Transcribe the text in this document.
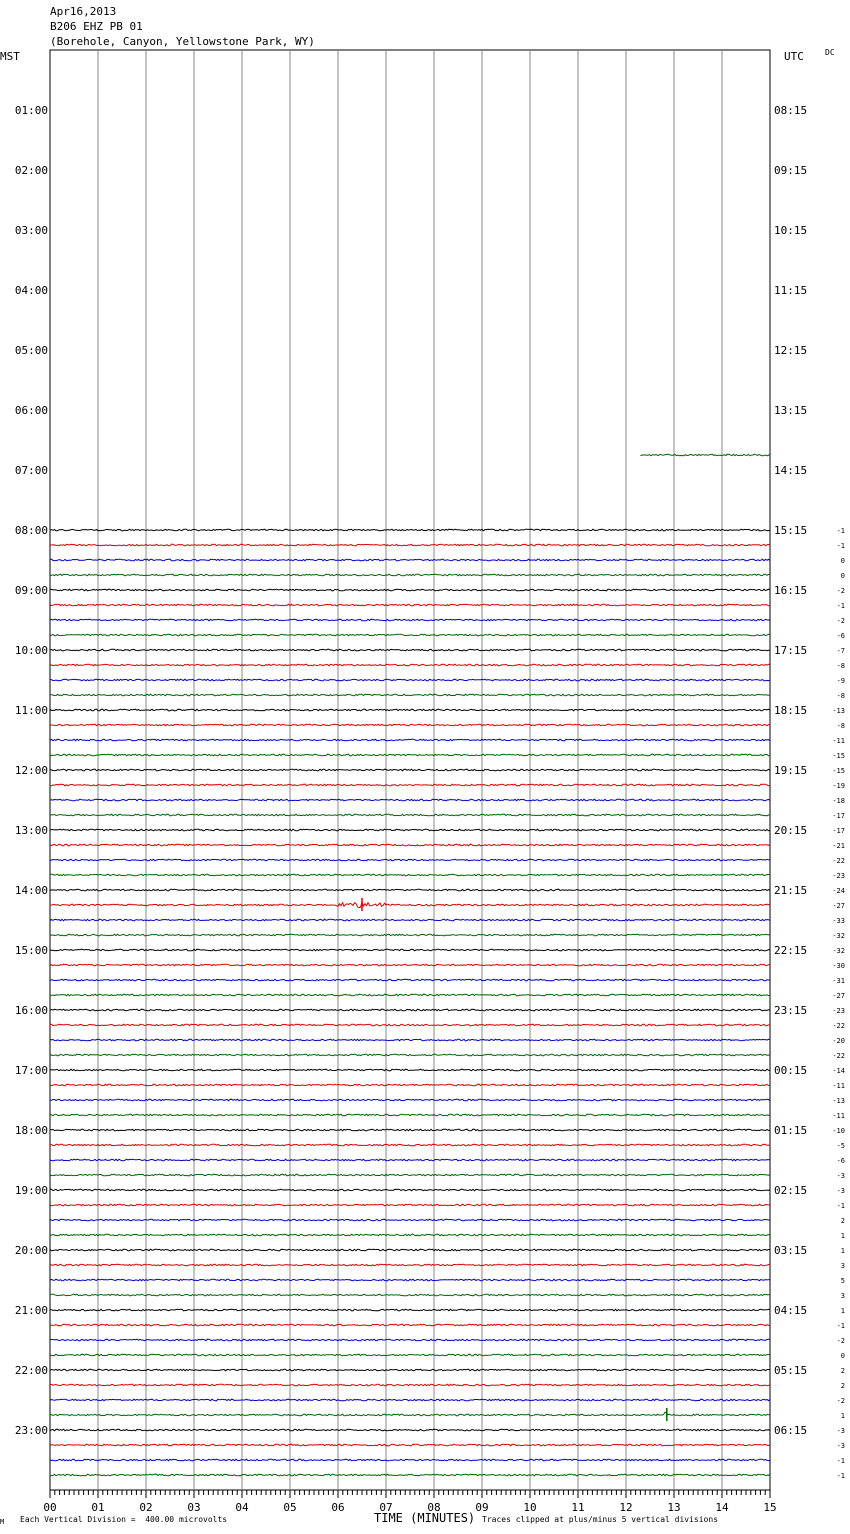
Apr16,2013
B206 EHZ PB 01
(Borehole, Canyon, Yellowstone Park, WY)
MST	UTC	DC
-1
-1
0
0
-2
-1
-2
-6
-7
-8
-9
-8
-13
-8
-11
-15
-15
-19
-18
-17
-17
-21
-22
-23
-24
-27
-33
-32
-32
-30
-31
-27
-23
-22
-20
-22
-14
-11
-13
-11
-10
-5
-6
-3
-3
-1
2
1
1
3
5
3
1
-1
-2
0
2
2
-2
1
-3
-3
-1
-1
01:00
02:00
03:00
04:00
05:00
06:00
07:00
08:00
09:00
10:00
11:00
12:00
13:00
14:00
15:00
16:00
17:00
18:00
19:00
20:00
21:00
22:00
23:00
08:15
09:15
10:15
11:15
12:15
13:15
14:15
15:15
16:15
17:15
18:15
19:15
20:15
21:15
22:15
23:15
00:15
01:15
02:15
03:15
04:15
05:15
06:15
00	01	02	03	04	05	06	07	08	09	10	11	12	13	14	15
M Each Vertical Division =  400.00 microvolts	TIME (MINUTES) Traces clipped at plus/minus 5 vertical divisions
